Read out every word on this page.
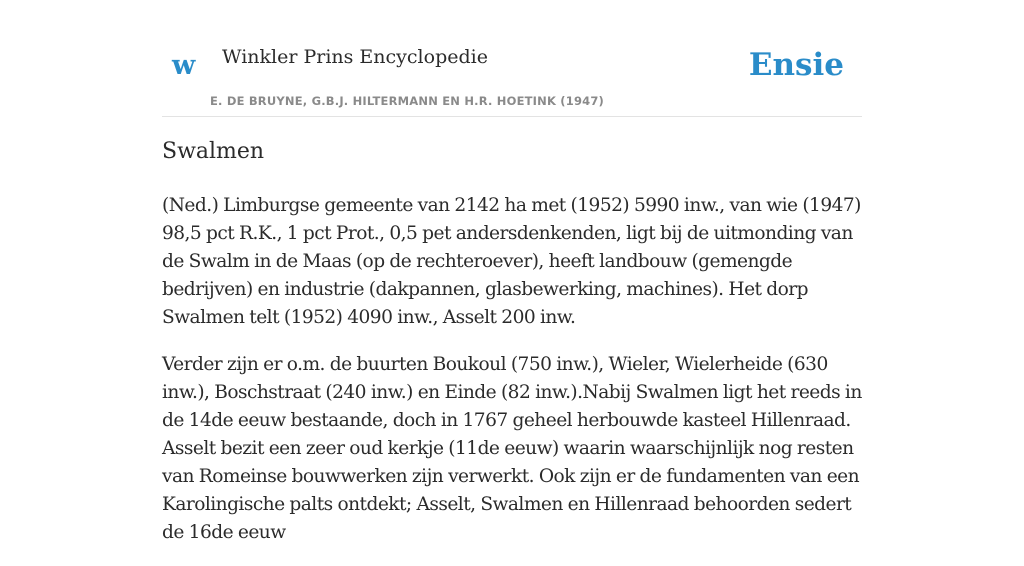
w Winkler Prins Encyclopedie
E. DE BRUYNE, G.B.J. HILTERMANN EN H.R. HOETINK (1947)
Ensie
Swalmen

(Ned.) Limburgse gemeente van 2142 ha met (1952) 5990 inw., van wie (1947) 98,5 pct R.K., 1 pct Prot., 0,5 pet andersdenkenden, ligt bij de uitmonding van de Swalm in de Maas (op de rechteroever), heeft landbouw (gemengde bedrijven) en industrie (dakpannen, glasbewerking, machines). Het dorp Swalmen telt (1952) 4090 inw., Asselt 200 inw.

Verder zijn er o.m. de buurten Boukoul (750 inw.), Wieler, Wielerheide (630 inw.), Boschstraat (240 inw.) en Einde (82 inw.).Nabij Swalmen ligt het reeds in de 14de eeuw bestaande, doch in 1767 geheel herbouwde kasteel Hillenraad. Asselt bezit een zeer oud kerkje (11de eeuw) waarin waarschijnlijk nog resten van Romeinse bouwwerken zijn verwerkt. Ook zijn er de fundamenten van een Karolingische palts ontdekt; Asselt, Swalmen en Hillenraad behoorden sedert de 16de eeuw
